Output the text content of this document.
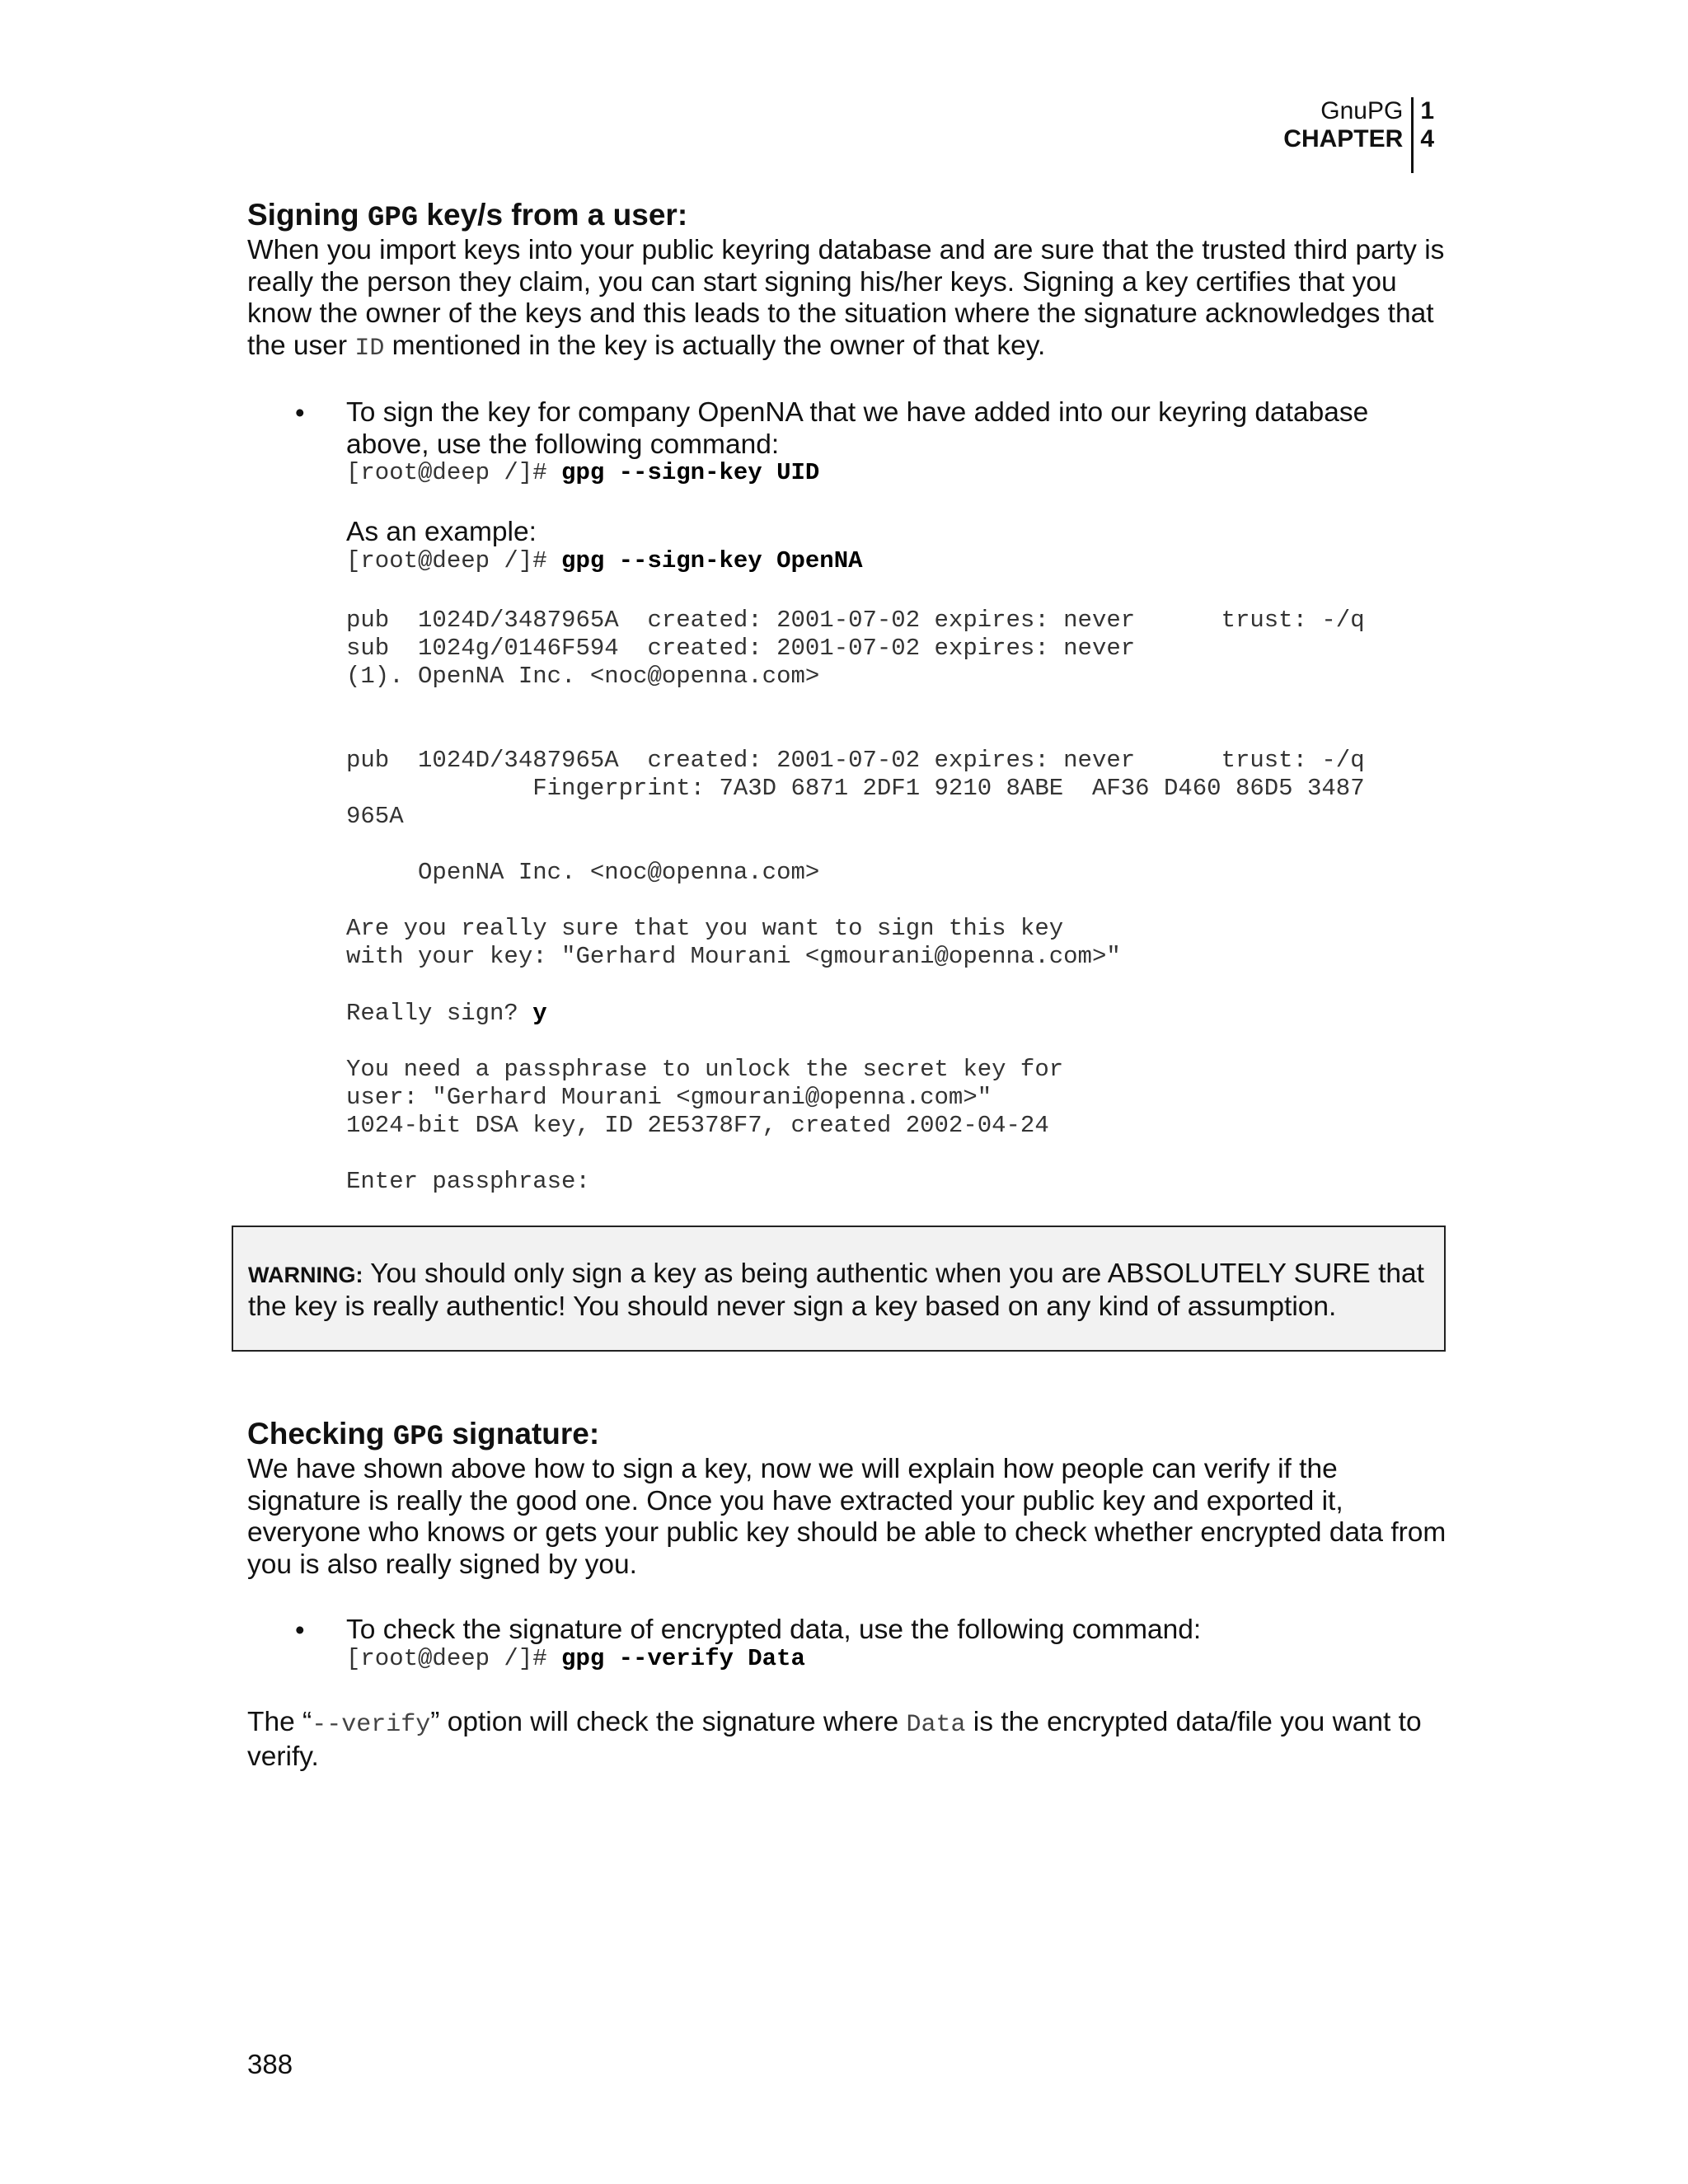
GnuPG
CHAPTER
1
4
Signing GPG key/s from a user:

When you import keys into your public keyring database and are sure that the trusted third party is really the person they claim, you can start signing his/her keys. Signing a key certifies that you know the owner of the keys and this leads to the situation where the signature acknowledges that the user ID mentioned in the key is actually the owner of that key.

• To sign the key for company OpenNA that we have added into our keyring database above, use the following command:

[root@deep /]# gpg --sign-key UID

As an example:

[root@deep /]# gpg --sign-key OpenNA
pub  1024D/3487965A  created: 2001-07-02 expires: never      trust: -/q
sub  1024g/0146F594  created: 2001-07-02 expires: never
(1). OpenNA Inc. <noc@openna.com>
pub  1024D/3487965A  created: 2001-07-02 expires: never      trust: -/q
Fingerprint: 7A3D 6871 2DF1 9210 8ABE  AF36 D460 86D5 3487
965A

OpenNA Inc. <noc@openna.com>

Are you really sure that you want to sign this key
with your key: "Gerhard Mourani <gmourani@openna.com>"
Really sign? y
You need a passphrase to unlock the secret key for
user: "Gerhard Mourani <gmourani@openna.com>"
1024-bit DSA key, ID 2E5378F7, created 2002-04-24

Enter passphrase:
WARNING: You should only sign a key as being authentic when you are ABSOLUTELY SURE that the key is really authentic! You should never sign a key based on any kind of assumption.
Checking GPG signature:

We have shown above how to sign a key, now we will explain how people can verify if the signature is really the good one. Once you have extracted your public key and exported it, everyone who knows or gets your public key should be able to check whether encrypted data from you is also really signed by you.

• To check the signature of encrypted data, use the following command:

[root@deep /]# gpg --verify Data

The “--verify” option will check the signature where Data is the encrypted data/file you want to verify.

388
